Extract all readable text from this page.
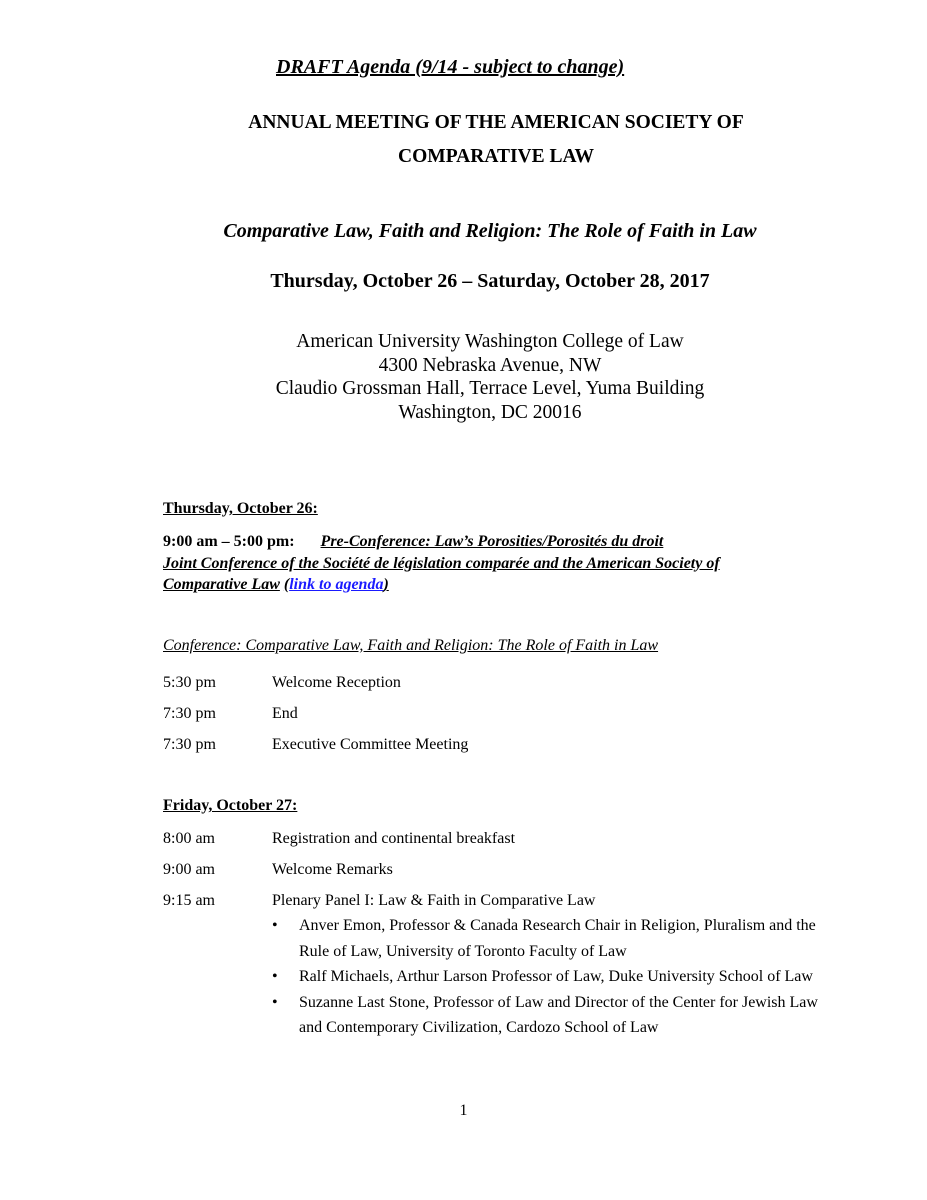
DRAFT Agenda (9/14 - subject to change)
ANNUAL MEETING OF THE AMERICAN SOCIETY OF
COMPARATIVE LAW
Comparative Law, Faith and Religion: The Role of Faith in Law
Thursday, October 26 – Saturday, October 28, 2017
American University Washington College of Law
4300 Nebraska Avenue, NW
Claudio Grossman Hall, Terrace Level, Yuma Building
Washington, DC 20016
Thursday, October 26:
9:00 am – 5:00 pm: Pre-Conference: Law’s Porosities/Porosités du droit
Joint Conference of the Société de législation comparée and the American Society of
Comparative Law (link to agenda)
Conference: Comparative Law, Faith and Religion: The Role of Faith in Law
5:30 pm	Welcome Reception
7:30 pm	End
7:30 pm	Executive Committee Meeting
Friday, October 27:
8:00 am	Registration and continental breakfast
9:00 am	Welcome Remarks
9:15 am	Plenary Panel I: Law & Faith in Comparative Law
• Anver Emon, Professor & Canada Research Chair in Religion, Pluralism and the Rule of Law, University of Toronto Faculty of Law
• Ralf Michaels, Arthur Larson Professor of Law, Duke University School of Law
• Suzanne Last Stone, Professor of Law and Director of the Center for Jewish Law and Contemporary Civilization, Cardozo School of Law
1
